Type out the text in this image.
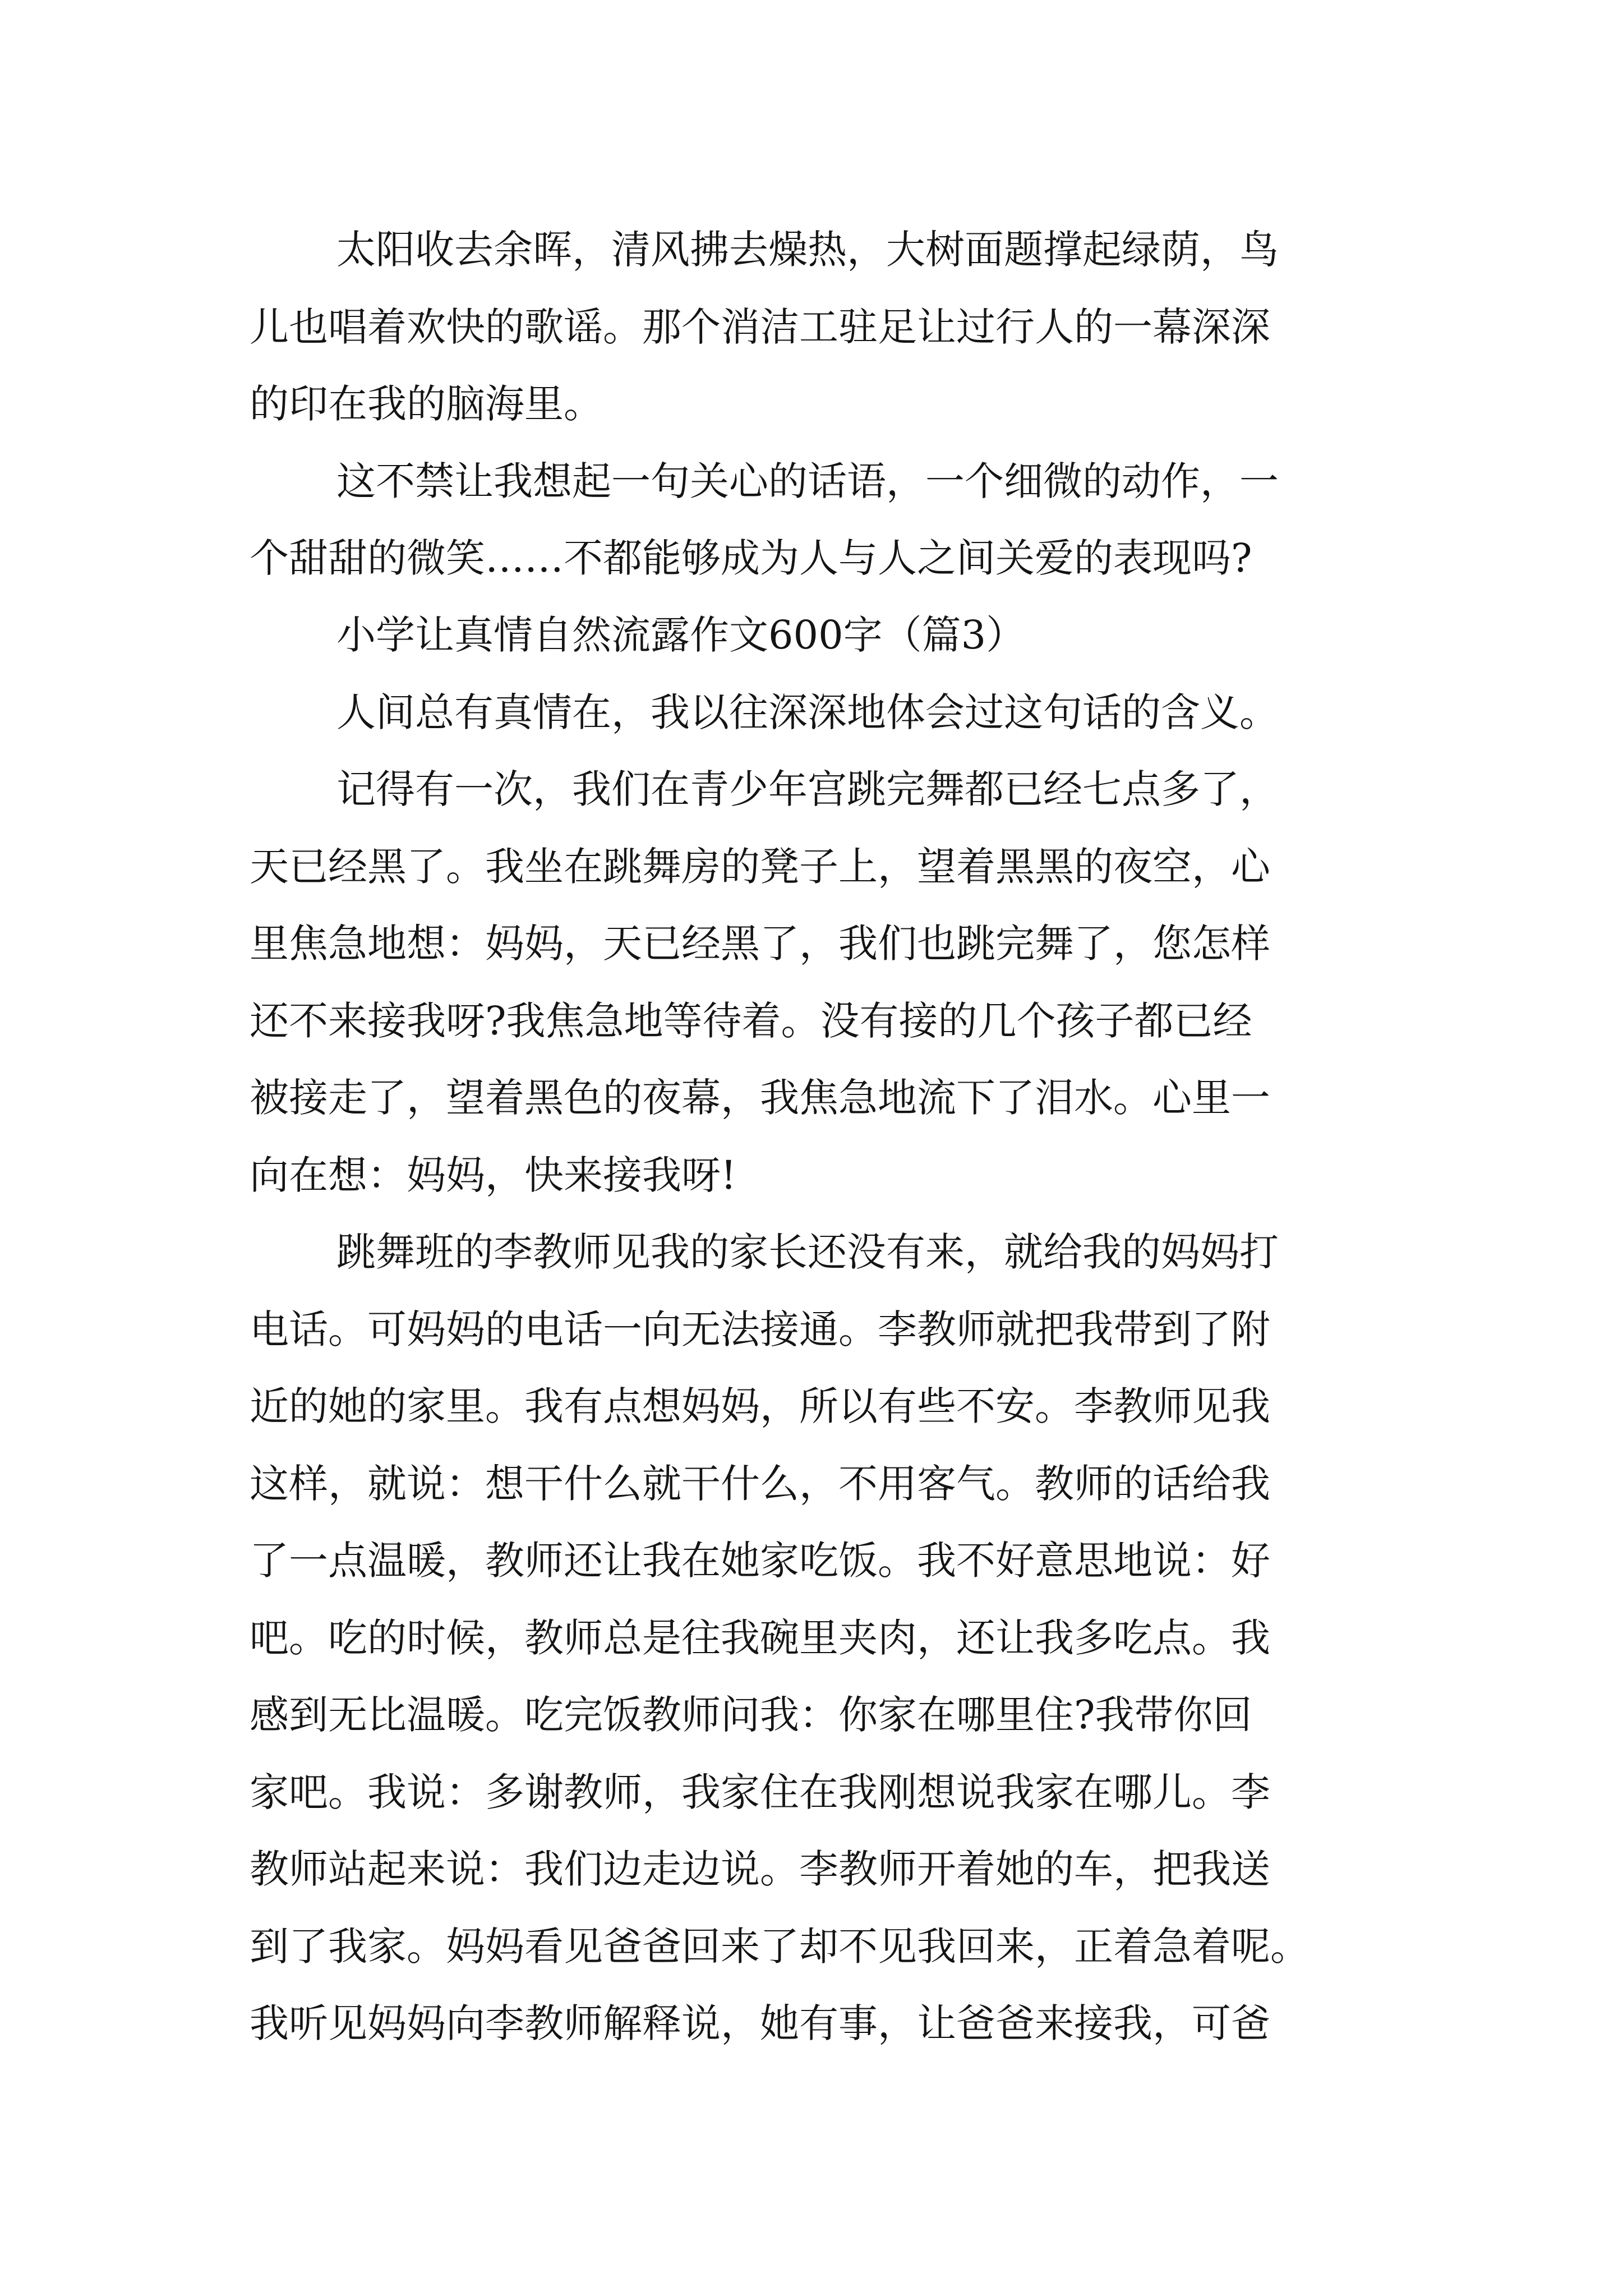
太阳收去余晖，清风拂去燥热，大树面题撑起绿荫，鸟
儿也唱着欢快的歌谣。那个消洁工驻足让过行人的一幕深深
的印在我的脑海里。
这不禁让我想起一句关心的话语，一个细微的动作，一
个甜甜的微笑……不都能够成为人与人之间关爱的表现吗?
小学让真情自然流露作文600字（篇3）
人间总有真情在，我以往深深地体会过这句话的含义。
记得有一次，我们在青少年宫跳完舞都已经七点多了，
天已经黑了。我坐在跳舞房的凳子上，望着黑黑的夜空，心
里焦急地想：妈妈，天已经黑了，我们也跳完舞了，您怎样
还不来接我呀?我焦急地等待着。没有接的几个孩子都已经
被接走了，望着黑色的夜幕，我焦急地流下了泪水。心里一
向在想：妈妈，快来接我呀!
跳舞班的李教师见我的家长还没有来，就给我的妈妈打
电话。可妈妈的电话一向无法接通。李教师就把我带到了附
近的她的家里。我有点想妈妈，所以有些不安。李教师见我
这样，就说：想干什么就干什么，不用客气。教师的话给我
了一点温暖，教师还让我在她家吃饭。我不好意思地说：好
吧。吃的时候，教师总是往我碗里夹肉，还让我多吃点。我
感到无比温暖。吃完饭教师问我：你家在哪里住?我带你回
家吧。我说：多谢教师，我家住在我刚想说我家在哪儿。李
教师站起来说：我们边走边说。李教师开着她的车，把我送
到了我家。妈妈看见爸爸回来了却不见我回来，正着急着呢。
我听见妈妈向李教师解释说，她有事，让爸爸来接我，可爸
